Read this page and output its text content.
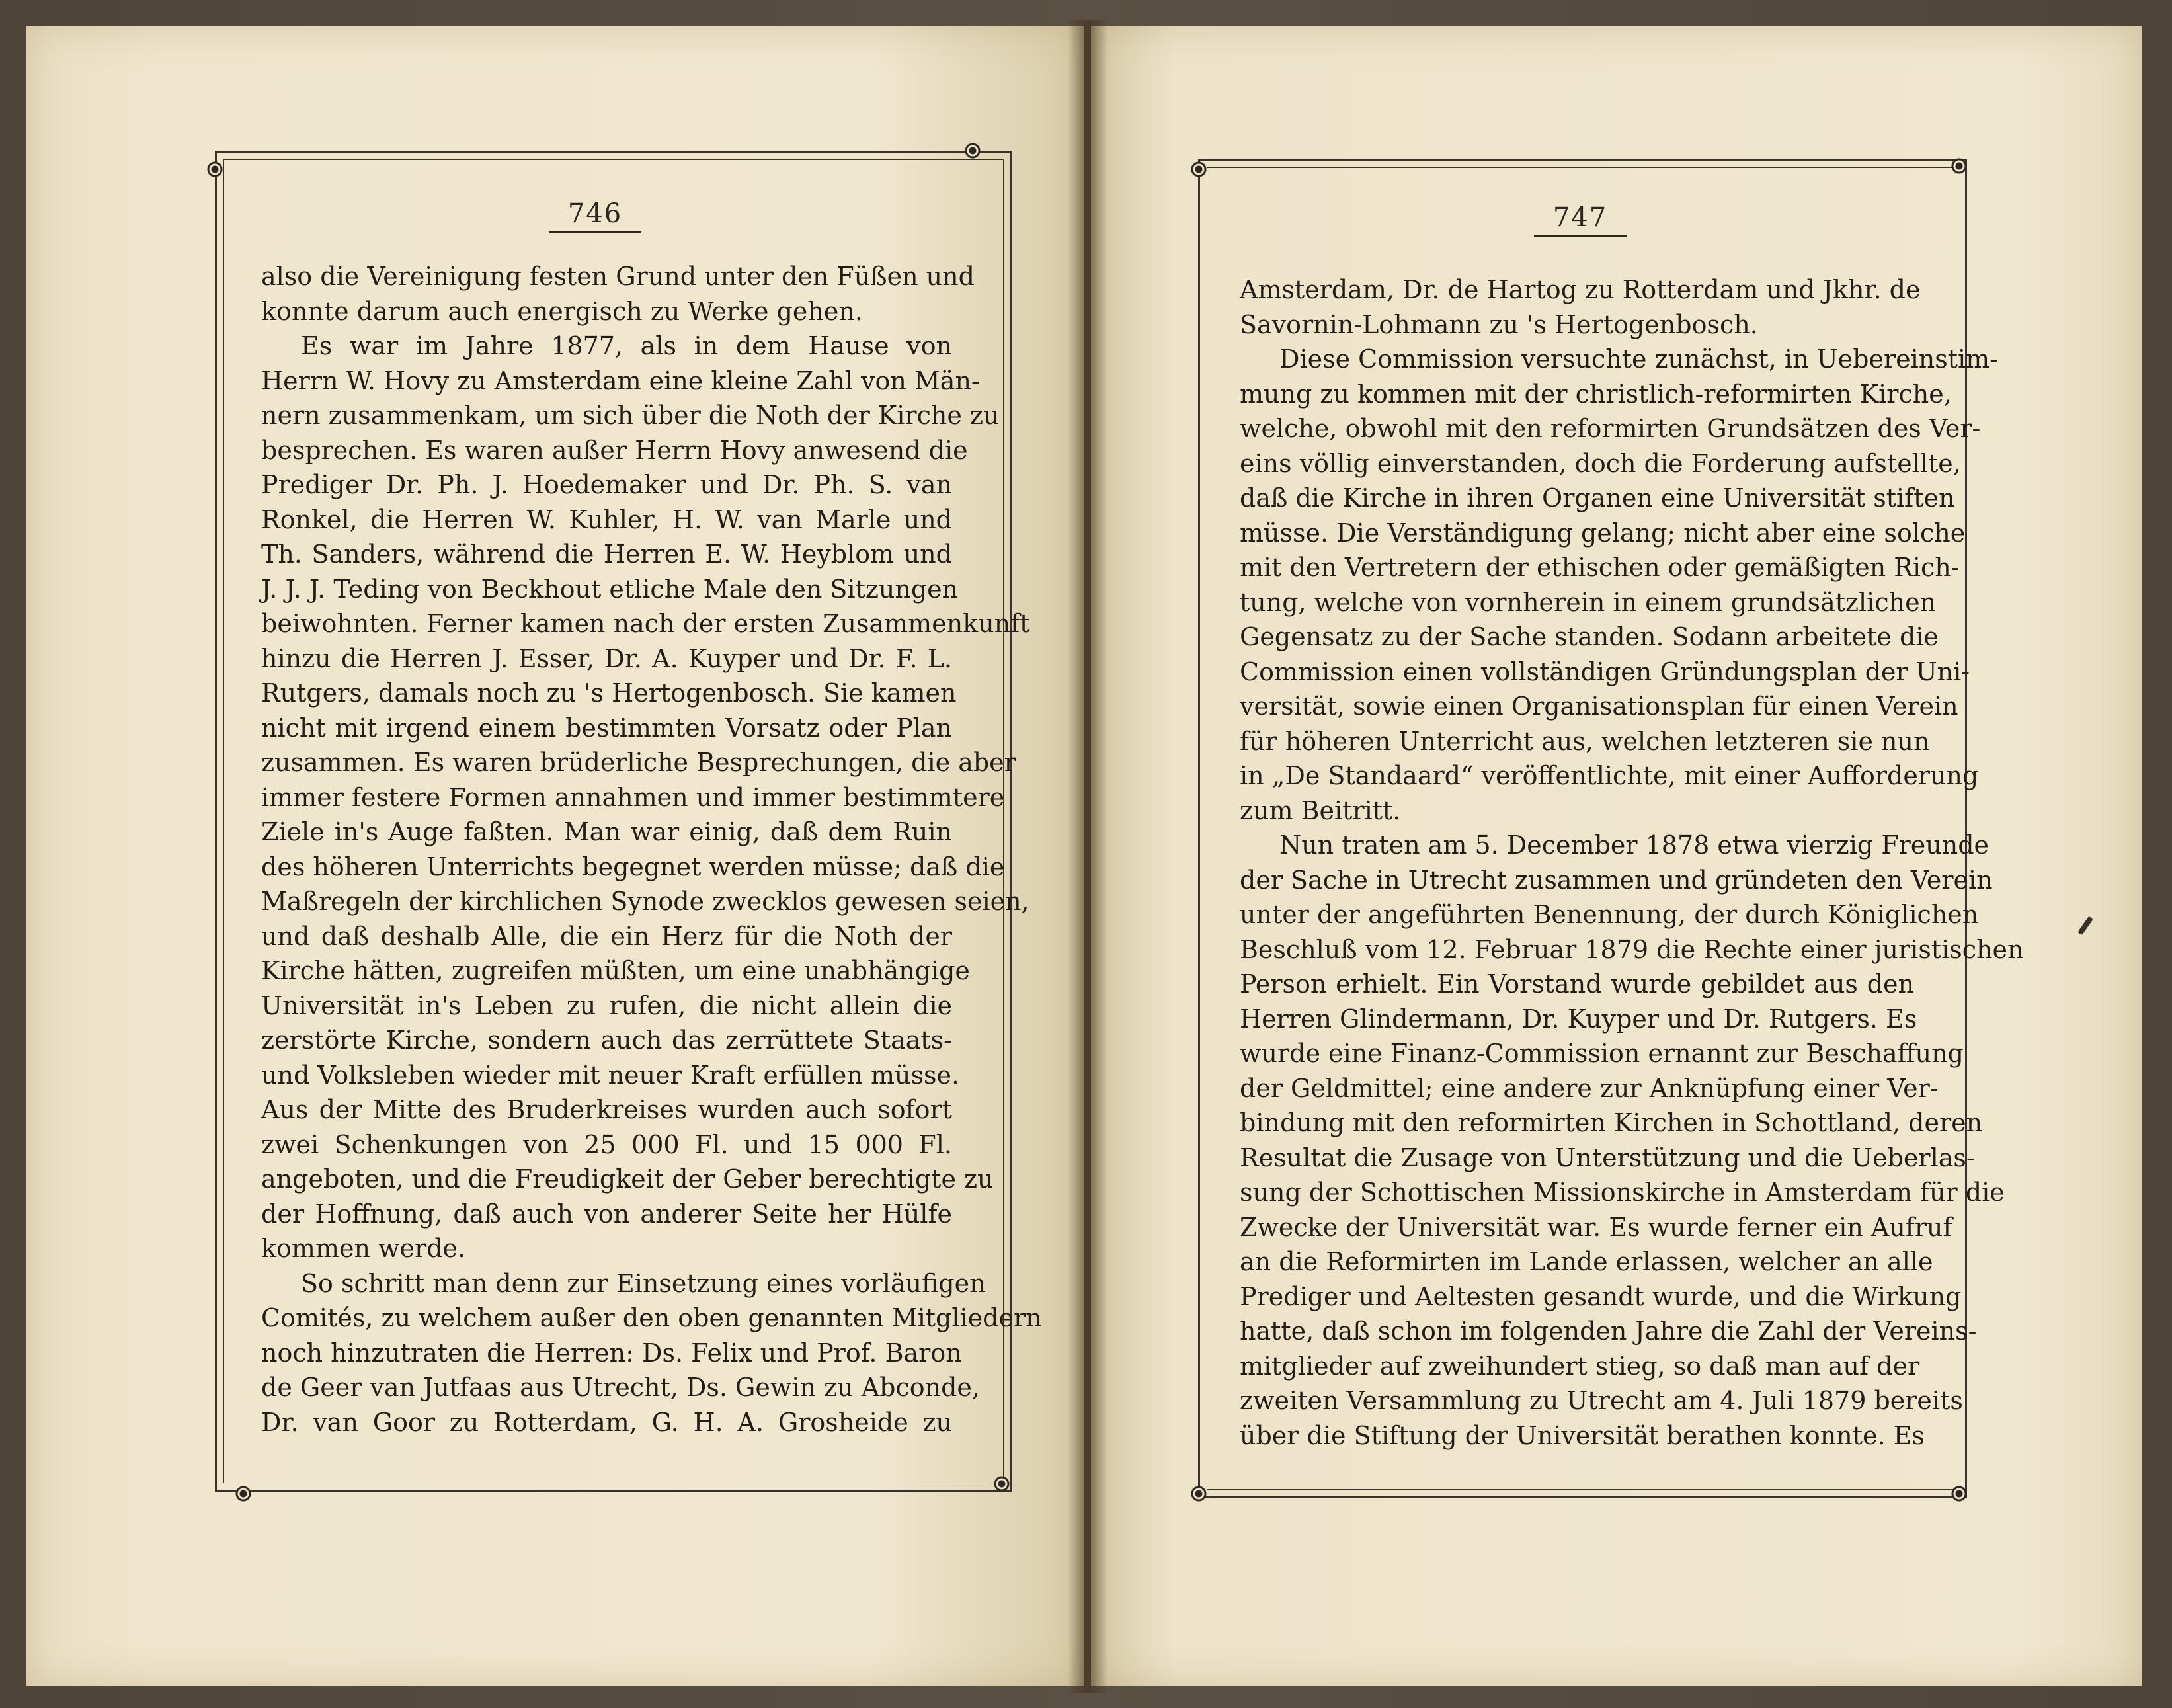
746	747
also die Vereinigung festen Grund unter den Füßen und
konnte darum auch energisch zu Werke gehen.
Es war im Jahre 1877, als in dem Hause von
Herrn W. Hovy zu Amsterdam eine kleine Zahl von Män-
nern zusammenkam, um sich über die Noth der Kirche zu
besprechen. Es waren außer Herrn Hovy anwesend die
Prediger Dr. Ph. J. Hoedemaker und Dr. Ph. S. van
Ronkel, die Herren W. Kuhler, H. W. van Marle und
Th. Sanders, während die Herren E. W. Heyblom und
J. J. J. Teding von Beckhout etliche Male den Sitzungen
beiwohnten. Ferner kamen nach der ersten Zusammenkunft
hinzu die Herren J. Esser, Dr. A. Kuyper und Dr. F. L.
Rutgers, damals noch zu 's Hertogenbosch. Sie kamen
nicht mit irgend einem bestimmten Vorsatz oder Plan
zusammen. Es waren brüderliche Besprechungen, die aber
immer festere Formen annahmen und immer bestimmtere
Ziele in's Auge faßten. Man war einig, daß dem Ruin
des höheren Unterrichts begegnet werden müsse; daß die
Maßregeln der kirchlichen Synode zwecklos gewesen seien,
und daß deshalb Alle, die ein Herz für die Noth der
Kirche hätten, zugreifen müßten, um eine unabhängige
Universität in's Leben zu rufen, die nicht allein die
zerstörte Kirche, sondern auch das zerrüttete Staats-
und Volksleben wieder mit neuer Kraft erfüllen müsse.
Aus der Mitte des Bruderkreises wurden auch sofort
zwei Schenkungen von 25 000 Fl. und 15 000 Fl.
angeboten, und die Freudigkeit der Geber berechtigte zu
der Hoffnung, daß auch von anderer Seite her Hülfe
kommen werde.
So schritt man denn zur Einsetzung eines vorläufigen
Comités, zu welchem außer den oben genannten Mitgliedern
noch hinzutraten die Herren: Ds. Felix und Prof. Baron
de Geer van Jutfaas aus Utrecht, Ds. Gewin zu Abconde,
Dr. van Goor zu Rotterdam, G. H. A. Grosheide zu
Amsterdam, Dr. de Hartog zu Rotterdam und Jkhr. de
Savornin-Lohmann zu 's Hertogenbosch.
Diese Commission versuchte zunächst, in Uebereinstim-
mung zu kommen mit der christlich-reformirten Kirche,
welche, obwohl mit den reformirten Grundsätzen des Ver-
eins völlig einverstanden, doch die Forderung aufstellte,
daß die Kirche in ihren Organen eine Universität stiften
müsse. Die Verständigung gelang; nicht aber eine solche
mit den Vertretern der ethischen oder gemäßigten Rich-
tung, welche von vornherein in einem grundsätzlichen
Gegensatz zu der Sache standen. Sodann arbeitete die
Commission einen vollständigen Gründungsplan der Uni-
versität, sowie einen Organisationsplan für einen Verein
für höheren Unterricht aus, welchen letzteren sie nun
in „De Standaard“ veröffentlichte, mit einer Aufforderung
zum Beitritt.
Nun traten am 5. December 1878 etwa vierzig Freunde
der Sache in Utrecht zusammen und gründeten den Verein
unter der angeführten Benennung, der durch Königlichen
Beschluß vom 12. Februar 1879 die Rechte einer juristischen
Person erhielt. Ein Vorstand wurde gebildet aus den
Herren Glindermann, Dr. Kuyper und Dr. Rutgers. Es
wurde eine Finanz-Commission ernannt zur Beschaffung
der Geldmittel; eine andere zur Anknüpfung einer Ver-
bindung mit den reformirten Kirchen in Schottland, deren
Resultat die Zusage von Unterstützung und die Ueberlas-
sung der Schottischen Missionskirche in Amsterdam für die
Zwecke der Universität war. Es wurde ferner ein Aufruf
an die Reformirten im Lande erlassen, welcher an alle
Prediger und Aeltesten gesandt wurde, und die Wirkung
hatte, daß schon im folgenden Jahre die Zahl der Vereins-
mitglieder auf zweihundert stieg, so daß man auf der
zweiten Versammlung zu Utrecht am 4. Juli 1879 bereits
über die Stiftung der Universität berathen konnte. Es
